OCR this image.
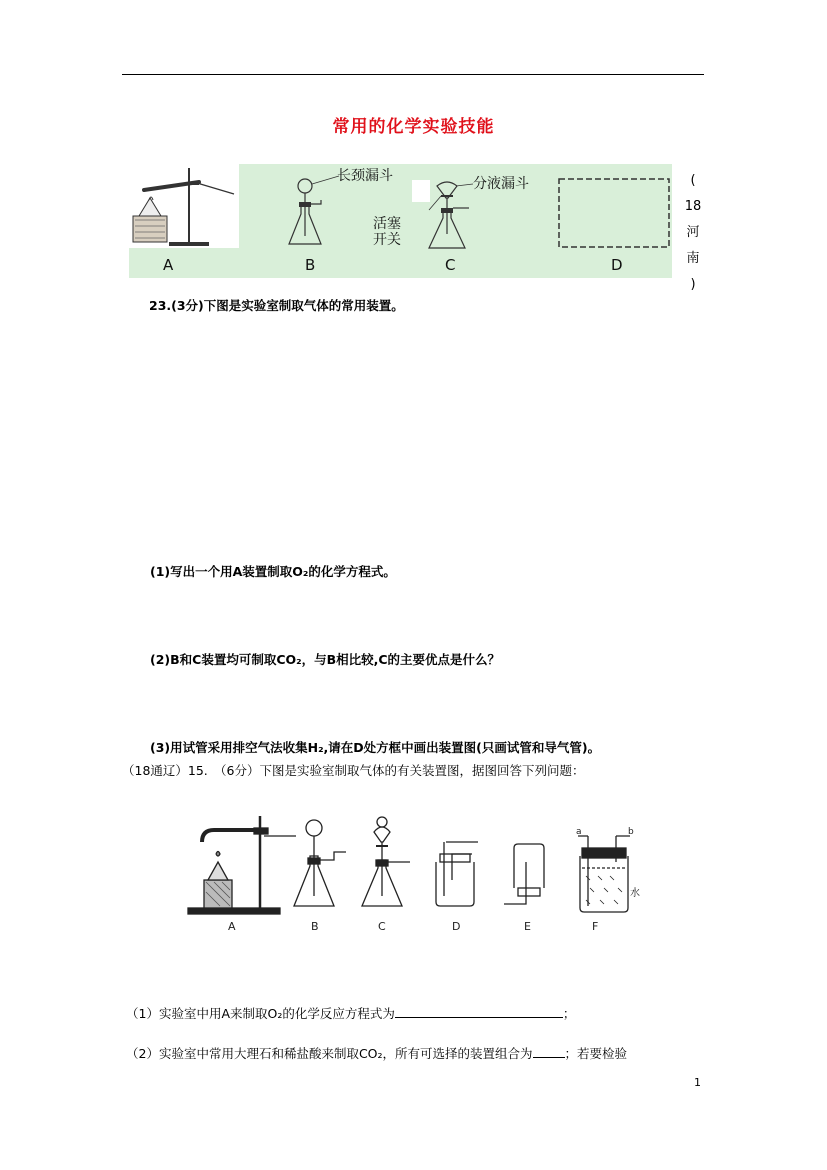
常用的化学实验技能
长颈漏斗	分液漏斗
活塞
开关
A	B	C	D
(
18
河
南
)
23.(3分)下图是实验室制取气体的常用装置。
(1)写出一个用A装置制取O₂的化学方程式。
(2)B和C装置均可制取CO₂，与B相比较,C的主要优点是什么？
(3)用试管采用排空气法收集H₂,请在D处方框中画出装置图(只画试管和导气管)。
（18通辽）15.　（6分）下图是实验室制取气体的有关装置图，据图回答下列问题：
a	b
水
A	B	C	D	E	F
（1）实验室中用A来制取O₂的化学反应方程式为	；
（2）实验室中常用大理石和稀盐酸来制取CO₂，所有可选择的装置组合为	；若要检验
1
